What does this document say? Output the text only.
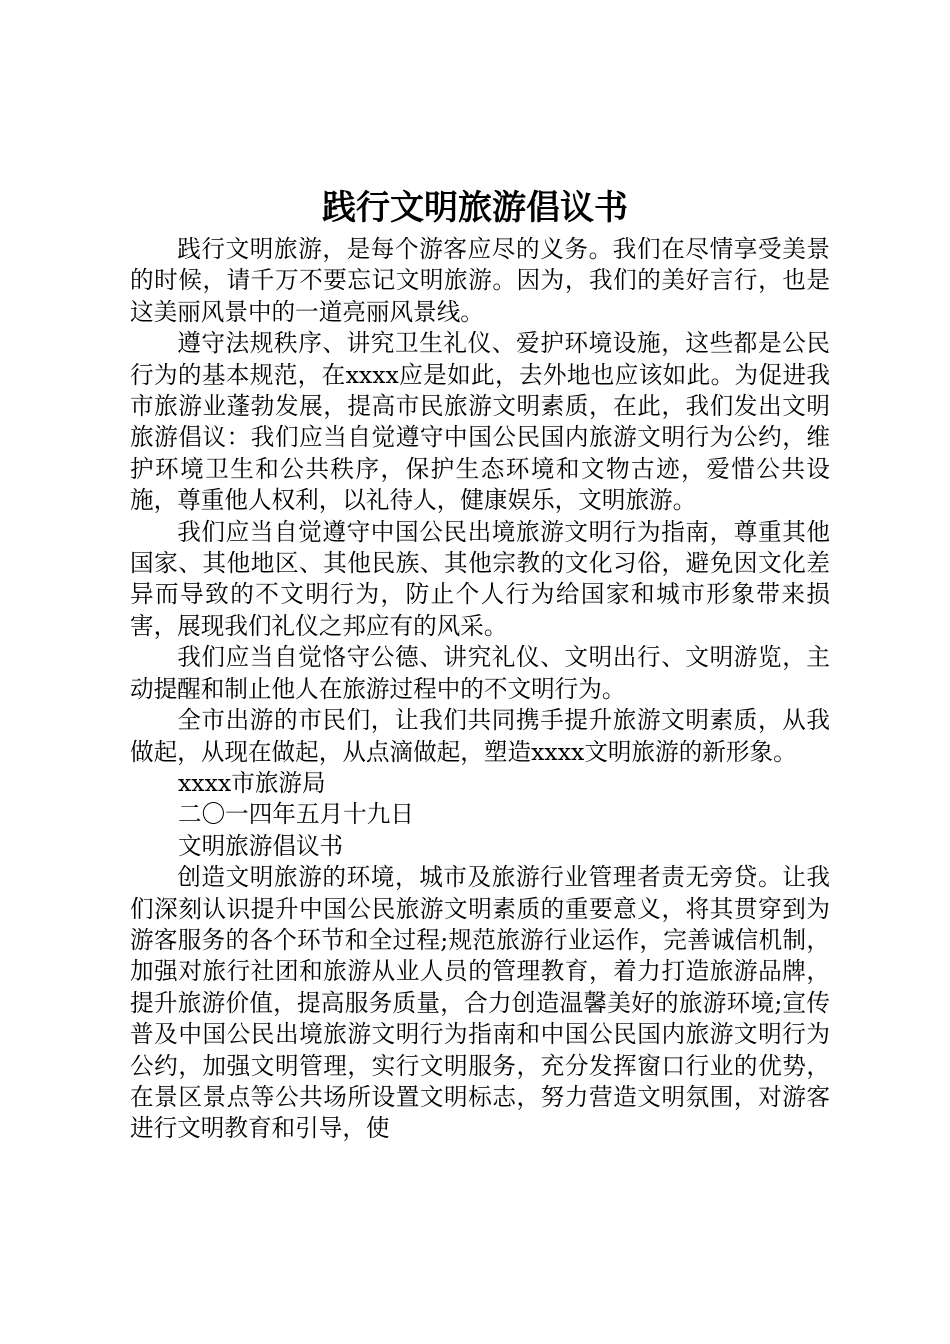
践行文明旅游倡议书

践行文明旅游，是每个游客应尽的义务。我们在尽情享受美景的时候，请千万不要忘记文明旅游。因为，我们的美好言行，也是这美丽风景中的一道亮丽风景线。

遵守法规秩序、讲究卫生礼仪、爱护环境设施，这些都是公民行为的基本规范，在xxxx应是如此，去外地也应该如此。为促进我市旅游业蓬勃发展，提高市民旅游文明素质，在此，我们发出文明旅游倡议：我们应当自觉遵守中国公民国内旅游文明行为公约，维护环境卫生和公共秩序，保护生态环境和文物古迹，爱惜公共设施，尊重他人权利，以礼待人，健康娱乐，文明旅游。

我们应当自觉遵守中国公民出境旅游文明行为指南，尊重其他国家、其他地区、其他民族、其他宗教的文化习俗，避免因文化差异而导致的不文明行为，防止个人行为给国家和城市形象带来损害，展现我们礼仪之邦应有的风采。

我们应当自觉恪守公德、讲究礼仪、文明出行、文明游览，主动提醒和制止他人在旅游过程中的不文明行为。

全市出游的市民们，让我们共同携手提升旅游文明素质，从我做起，从现在做起，从点滴做起，塑造xxxx文明旅游的新形象。

xxxx市旅游局

二〇一四年五月十九日

文明旅游倡议书

创造文明旅游的环境，城市及旅游行业管理者责无旁贷。让我们深刻认识提升中国公民旅游文明素质的重要意义，将其贯穿到为游客服务的各个环节和全过程;规范旅游行业运作，完善诚信机制，加强对旅行社团和旅游从业人员的管理教育，着力打造旅游品牌，提升旅游价值，提高服务质量，合力创造温馨美好的旅游环境;宣传普及中国公民出境旅游文明行为指南和中国公民国内旅游文明行为公约，加强文明管理，实行文明服务，充分发挥窗口行业的优势，在景区景点等公共场所设置文明标志，努力营造文明氛围，对游客进行文明教育和引导，使
